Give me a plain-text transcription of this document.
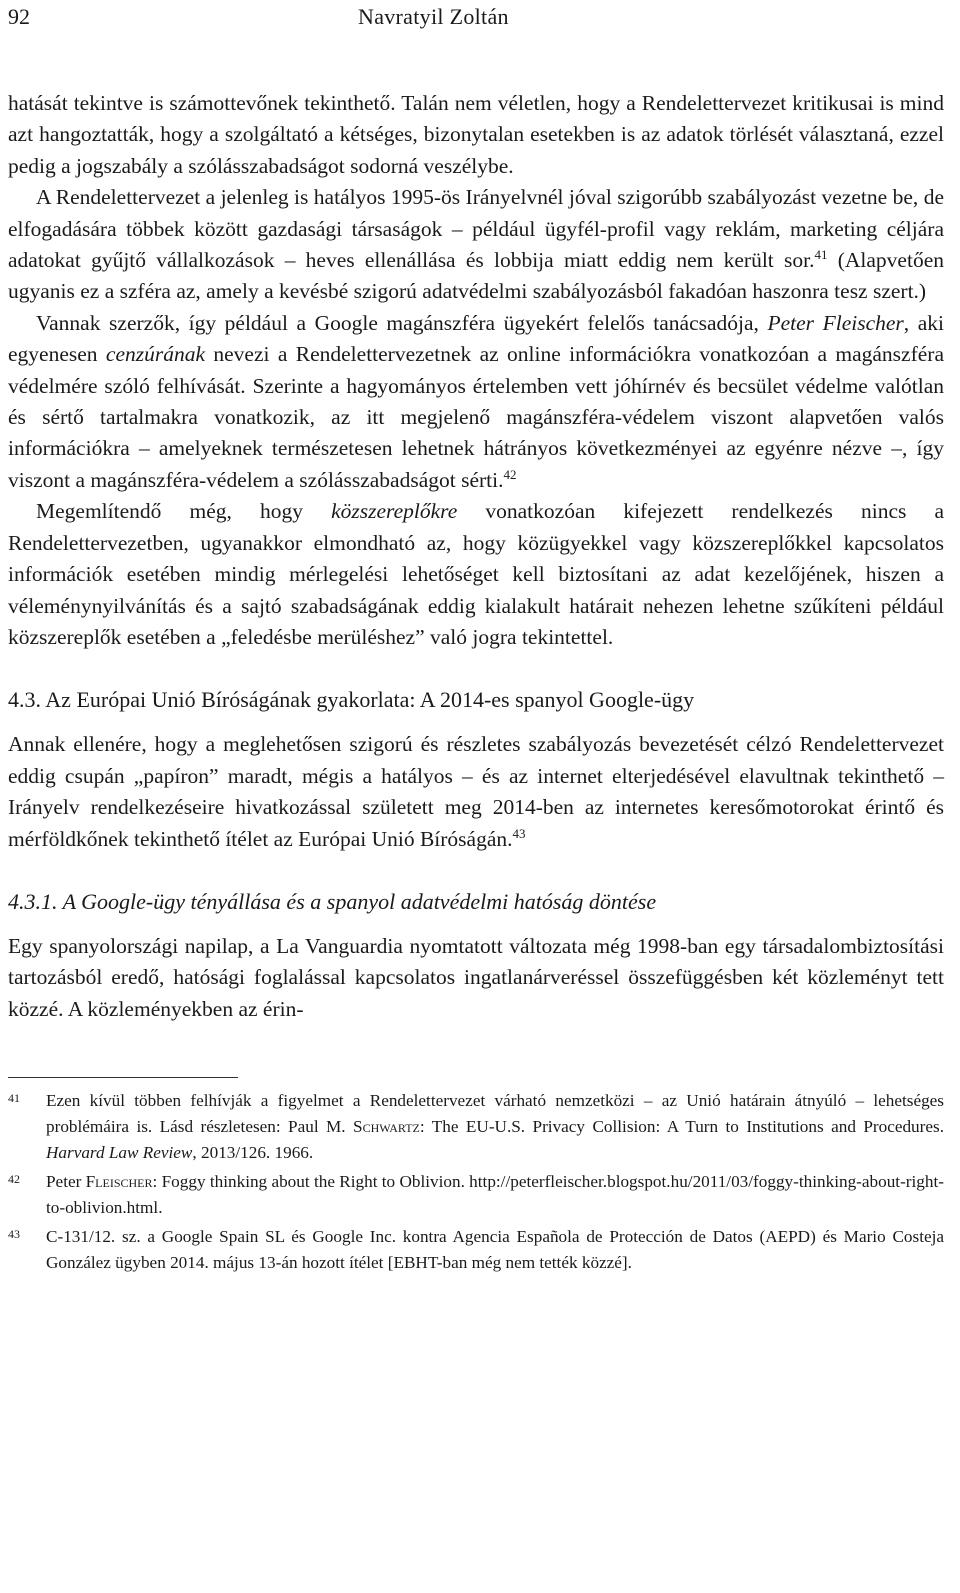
92	Navratyil Zoltán

hatását tekintve is számottevőnek tekinthető. Talán nem véletlen, hogy a Rendelettervezet kritikusai is mind azt hangoztatták, hogy a szolgáltató a kétséges, bizonytalan esetekben is az adatok törlését választaná, ezzel pedig a jogszabály a szólásszabadságot sodorná veszélybe.

A Rendelettervezet a jelenleg is hatályos 1995-ös Irányelvnél jóval szigorúbb szabályozást vezetne be, de elfogadására többek között gazdasági társaságok – például ügyfél-profil vagy reklám, marketing céljára adatokat gyűjtő vállalkozások – heves ellenállása és lobbija miatt eddig nem került sor.$^{41}$ (Alapvetően ugyanis ez a szféra az, amely a kevésbé szigorú adatvédelmi szabályozásból fakadóan haszonra tesz szert.)

Vannak szerzők, így például a Google magánszféra ügyekért felelős tanácsadója, Peter Fleischer, aki egyenesen cenzúrának nevezi a Rendelettervezetnek az online információkra vonatkozóan a magánszféra védelmére szóló felhívását. Szerinte a hagyományos értelemben vett jóhírnév és becsület védelme valótlan és sértő tartalmakra vonatkozik, az itt megjelenő magánszféra-védelem viszont alapvetően valós információkra – amelyeknek természetesen lehetnek hátrányos következményei az egyénre nézve –, így viszont a magánszféra-védelem a szólásszabadságot sérti.$^{42}$

Megemlítendő még, hogy közszereplőkre vonatkozóan kifejezett rendelkezés nincs a Rendelettervezetben, ugyanakkor elmondható az, hogy közügyekkel vagy közszereplőkkel kapcsolatos információk esetében mindig mérlegelési lehetőséget kell biztosítani az adat kezelőjének, hiszen a véleménynyilvánítás és a sajtó szabadságának eddig kialakult határait nehezen lehetne szűkíteni például közszereplők esetében a „feledésbe merüléshez” való jogra tekintettel.

4.3. Az Európai Unió Bíróságának gyakorlata: A 2014-es spanyol Google-ügy

Annak ellenére, hogy a meglehetősen szigorú és részletes szabályozás bevezetését célzó Rendelettervezet eddig csupán „papíron” maradt, mégis a hatályos – és az internet elterjedésével elavultnak tekinthető – Irányelv rendelkezéseire hivatkozással született meg 2014-ben az internetes keresőmotorokat érintő és mérföldkőnek tekinthető ítélet az Európai Unió Bíróságán.$^{43}$

4.3.1. A Google-ügy tényállása és a spanyol adatvédelmi hatóság döntése

Egy spanyolországi napilap, a La Vanguardia nyomtatott változata még 1998-ban egy társadalombiztosítási tartozásból eredő, hatósági foglalással kapcsolatos ingatlanárveréssel összefüggésben két közleményt tett közzé. A közleményekben az érin-

41	Ezen kívül többen felhívják a figyelmet a Rendelettervezet várható nemzetközi – az Unió határain átnyúló – lehetséges problémáira is. Lásd részletesen: Paul M. Schwartz: The EU-U.S. Privacy Collision: A Turn to Institutions and Procedures. Harvard Law Review, 2013/126. 1966.
42	Peter Fleischer: Foggy thinking about the Right to Oblivion. http://peterfleischer.blogspot.hu/2011/03/foggy-thinking-about-right-to-oblivion.html.
43	C-131/12. sz. a Google Spain SL és Google Inc. kontra Agencia Española de Protección de Datos (AEPD) és Mario Costeja González ügyben 2014. május 13-án hozott ítélet [EBHT-ban még nem tették közzé].
